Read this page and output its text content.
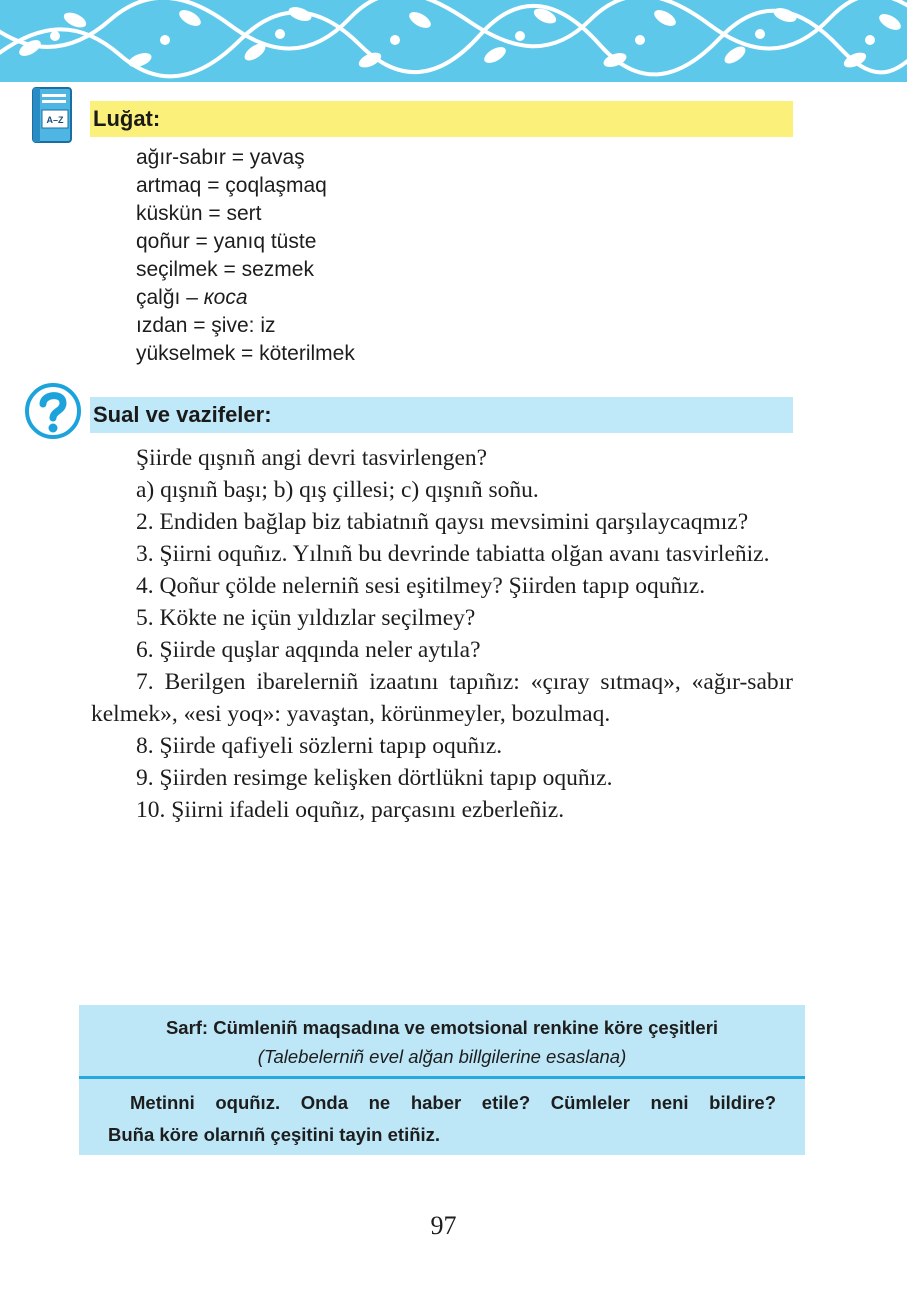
A–Z Luğat:
ağır-sabır = yavaş
artmaq = çoqlaşmaq
küskün = sert
qoñur = yanıq tüste
seçilmek = sezmek
çalğı – коса
ızdan = şive: iz
yükselmek = köterilmek
Sual ve vazifeler:

Şiirde qışnıñ angi devri tasvirlengen?

a) qışnıñ başı; b) qış çillesi; c) qışnıñ soñu.

2. Endiden bağlap biz tabiatnıñ qaysı mevsimini qarşılaycaqmız?

3. Şiirni oquñız. Yılnıñ bu devrinde tabiatta olğan avanı tasvirleñiz.

4. Qoñur çölde nelerniñ sesi eşitilmey? Şiirden tapıp oquñız.

5. Kökte ne içün yıldızlar seçilmey?

6. Şiirde quşlar aqqında neler aytıla?

7. Berilgen ibarelerniñ izaatını tapıñız: «çıray sıtmaq», «ağır-sabır kelmek», «esi yoq»: yavaştan, körünmeyler, bozulmaq.

8. Şiirde qafiyeli sözlerni tapıp oquñız.

9. Şiirden resimge kelişken dörtlükni tapıp oquñız.

10. Şiirni ifadeli oquñız, parçasını ezberleñiz.

Sarf: Cümleniñ maqsadına ve emotsional renkine köre çeşitleri
(Talebelerniñ evel alğan billgilerine esaslana)

Metinni oquñız. Onda ne haber etile? Cümleler neni bildire?

Buña köre olarnıñ çeşitini tayin etiñiz.

97
